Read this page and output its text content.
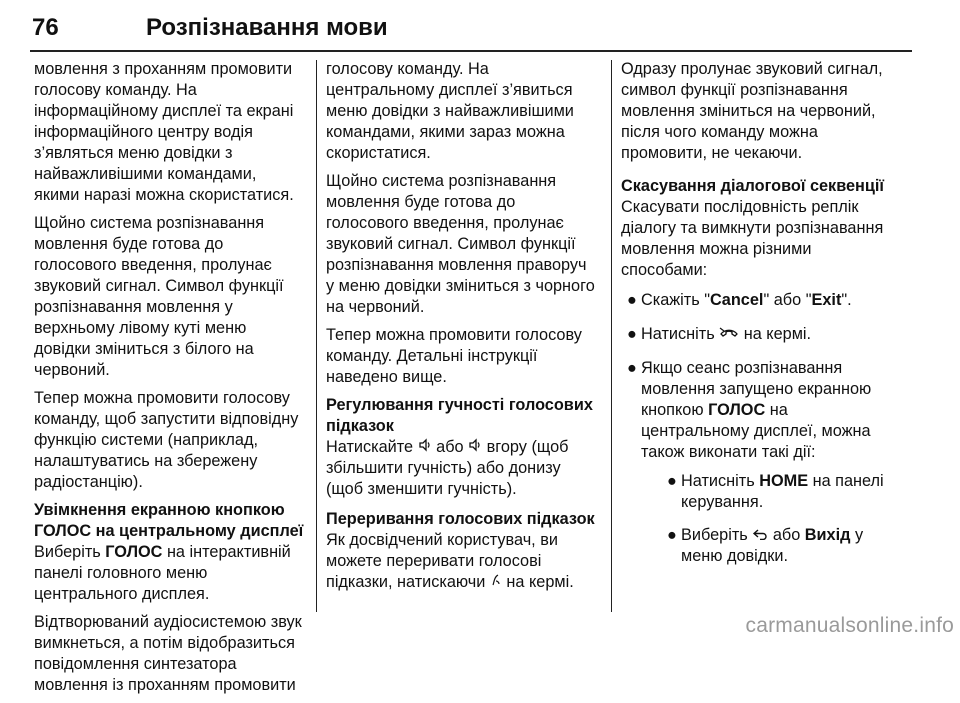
76	Розпізнавання мови

мовлення з проханням промовити
голосову команду. На
інформаційному дисплеї та екрані
інформаційного центру водія
з’являться меню довідки з
найважливішими командами,
якими наразі можна скористатися.

Щойно система розпізнавання
мовлення буде готова до
голосового введення, пролунає
звуковий сигнал. Символ функції
розпізнавання мовлення у
верхньому лівому куті меню
довідки зміниться з білого на
червоний.

Тепер можна промовити голосову
команду, щоб запустити відповідну
функцію системи (наприклад,
налаштуватись на збережену
радіостанцію).

Увімкнення екранною кнопкою
ГОЛОС на центральному дисплеї

Виберіть ГОЛОС на інтерактивній
панелі головного меню
центрального дисплея.

Відтворюваний аудіосистемою звук
вимкнеться, а потім відобразиться
повідомлення синтезатора
мовлення із проханням промовити

голосову команду. На
центральному дисплеї з’явиться
меню довідки з найважливішими
командами, якими зараз можна
скористатися.

Щойно система розпізнавання
мовлення буде готова до
голосового введення, пролунає
звуковий сигнал. Символ функції
розпізнавання мовлення праворуч
у меню довідки зміниться з чорного
на червоний.

Тепер можна промовити голосову
команду. Детальні інструкції
наведено вище.

Регулювання гучності голосових
підказок

Натискайте  або  вгору (щоб
збільшити гучність) або донизу
(щоб зменшити гучність).

Переривання голосових підказок

Як досвідчений користувач, ви
можете переривати голосові
підказки, натискаючи  на кермі.

Одразу пролунає звуковий сигнал,
символ функції розпізнавання
мовлення зміниться на червоний,
після чого команду можна
промовити, не чекаючи.

Скасування діалогової секвенції

Скасувати послідовність реплік
діалогу та вимкнути розпізнавання
мовлення можна різними
способами:

● Скажіть "Cancel" або "Exit".
● Натисніть  на кермі.
● Якщо сеанс розпізнавання
мовлення запущено екранною
кнопкою ГОЛОС на
центральному дисплеї, можна
також виконати такі дії:
● Натисніть HOME на панелі
керування.
● Виберіть  або Вихід у
меню довідки.
carmanualsonline.info
